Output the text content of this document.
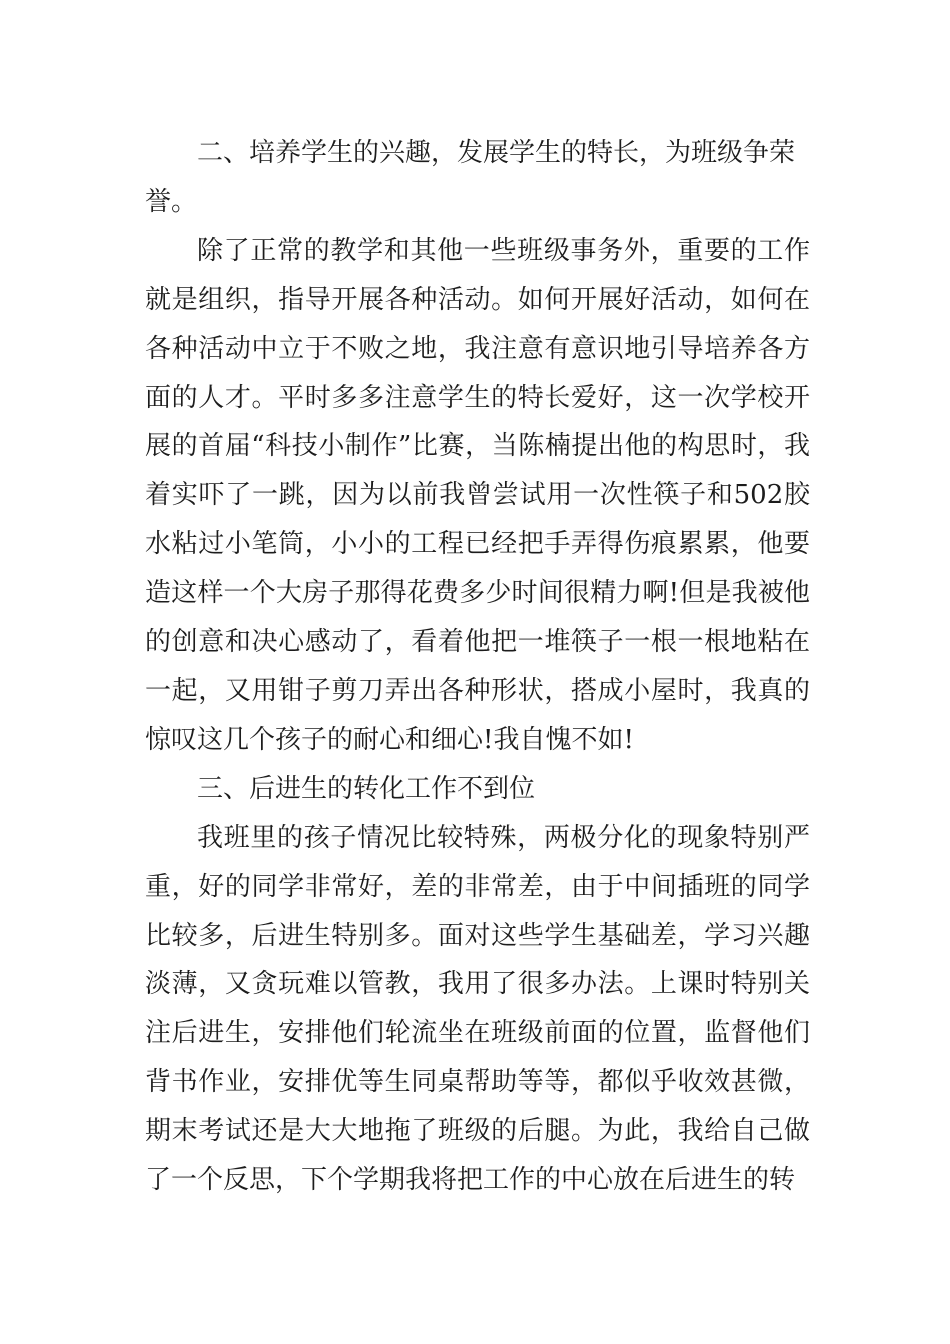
二、培养学生的兴趣，发展学生的特长，为班级争荣誉。

除了正常的教学和其他一些班级事务外，重要的工作就是组织，指导开展各种活动。如何开展好活动，如何在各种活动中立于不败之地，我注意有意识地引导培养各方面的人才。平时多多注意学生的特长爱好，这一次学校开展的首届“科技小制作”比赛，当陈楠提出他的构思时，我着实吓了一跳，因为以前我曾尝试用一次性筷子和502胶水粘过小笔筒，小小的工程已经把手弄得伤痕累累，他要造这样一个大房子那得花费多少时间很精力啊!但是我被他的创意和决心感动了，看着他把一堆筷子一根一根地粘在一起，又用钳子剪刀弄出各种形状，搭成小屋时，我真的惊叹这几个孩子的耐心和细心!我自愧不如!

三、后进生的转化工作不到位

我班里的孩子情况比较特殊，两极分化的现象特别严重，好的同学非常好，差的非常差，由于中间插班的同学比较多，后进生特别多。面对这些学生基础差，学习兴趣淡薄，又贪玩难以管教，我用了很多办法。上课时特别关注后进生，安排他们轮流坐在班级前面的位置，监督他们背书作业，安排优等生同桌帮助等等，都似乎收效甚微，期末考试还是大大地拖了班级的后腿。为此，我给自己做了一个反思，下个学期我将把工作的中心放在后进生的转
